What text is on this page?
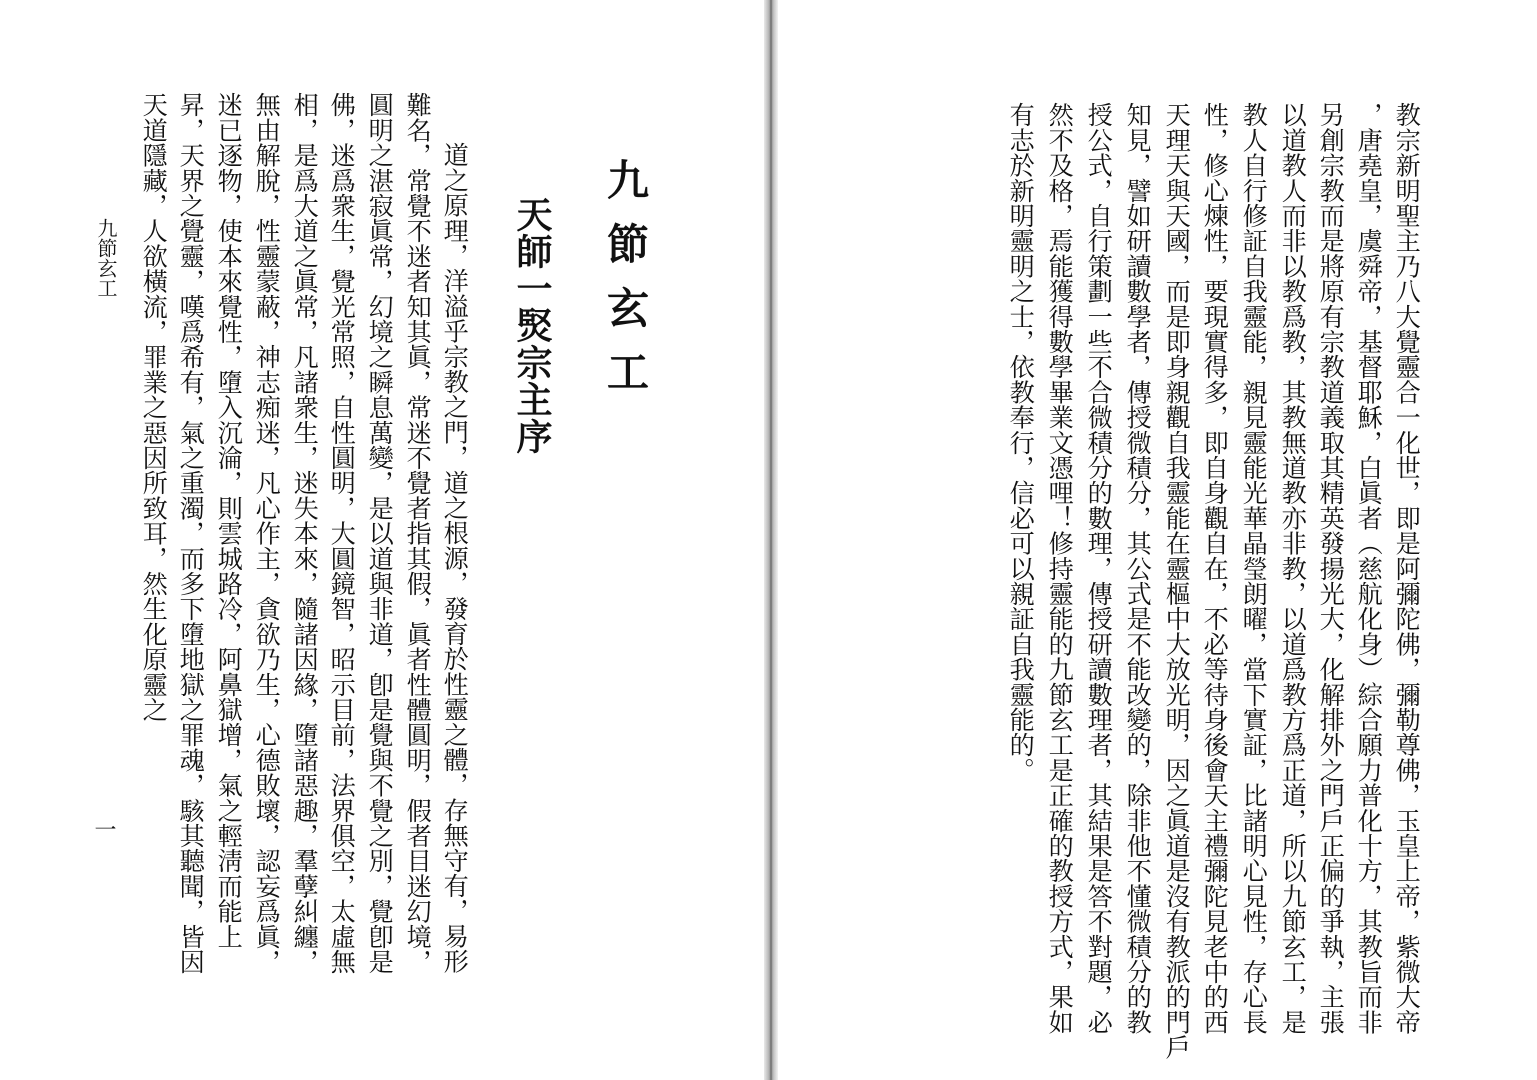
九節玄工
天師一㷂宗主序
道之原理，洋溢乎宗教之門，道之根源，發育於性靈之體，存無守有，易形
難名，常覺不迷者知其眞，常迷不覺者指其假，眞者性體圓明，假者目迷幻境，
圓明之湛寂眞常，幻境之瞬息萬變，是以道與非道，卽是覺與不覺之別，覺卽是
佛，迷爲衆生，覺光常照，自性圓明，大圓鏡智，昭示目前，法界俱空，太虛無
相，是爲大道之眞常，凡諸衆生，迷失本來，隨諸因緣，墮諸惡趣，羣孽糾纏，
無由解脫，性靈蒙蔽，神志痴迷，凡心作主，貪欲乃生，心德敗壞，認妄爲眞，
迷已逐物，使本來覺性，墮入沉淪，則雲城路冷，阿鼻獄增，氣之輕淸而能上
昇，天界之覺靈，嘆爲希有，氣之重濁，而多下墮地獄之罪魂，駭其聽聞，皆因
天道隱藏，人欲橫流，罪業之惡因所致耳，然生化原靈之
九節玄工
一	教宗新明聖主乃八大覺靈合一化世，即是阿彌陀佛，彌勒尊佛，玉皇上帝，紫微大帝
，唐堯皇，虞舜帝，基督耶穌，白眞者（慈航化身）綜合願力普化十方，其教旨而非
另創宗教而是將原有宗教道義取其精英發揚光大，化解排外之門戶正偏的爭執，主張
以道教人而非以教爲教，其教無道教亦非教，以道爲教方爲正道，所以九節玄工，是
教人自行修証自我靈能，親見靈能光華晶瑩朗曜，當下實証，比諸明心見性，存心長
性，修心煉性，要現實得多，即自身觀自在，不必等待身後會天主禮彌陀見老中的西
天理天與天國，而是即身親觀自我靈能在靈樞中大放光明，因之眞道是沒有教派的門戶
知見，譬如研讀數學者，傳授微積分，其公式是不能改變的，除非他不懂微積分的教
授公式，自行策劃一些不合微積分的數理，傳授研讀數理者，其結果是答不對題，必
然不及格，焉能獲得數學畢業文憑哩！修持靈能的九節玄工是正確的教授方式，果如
有志於新明靈明之士，依教奉行，信必可以親証自我靈能的。
